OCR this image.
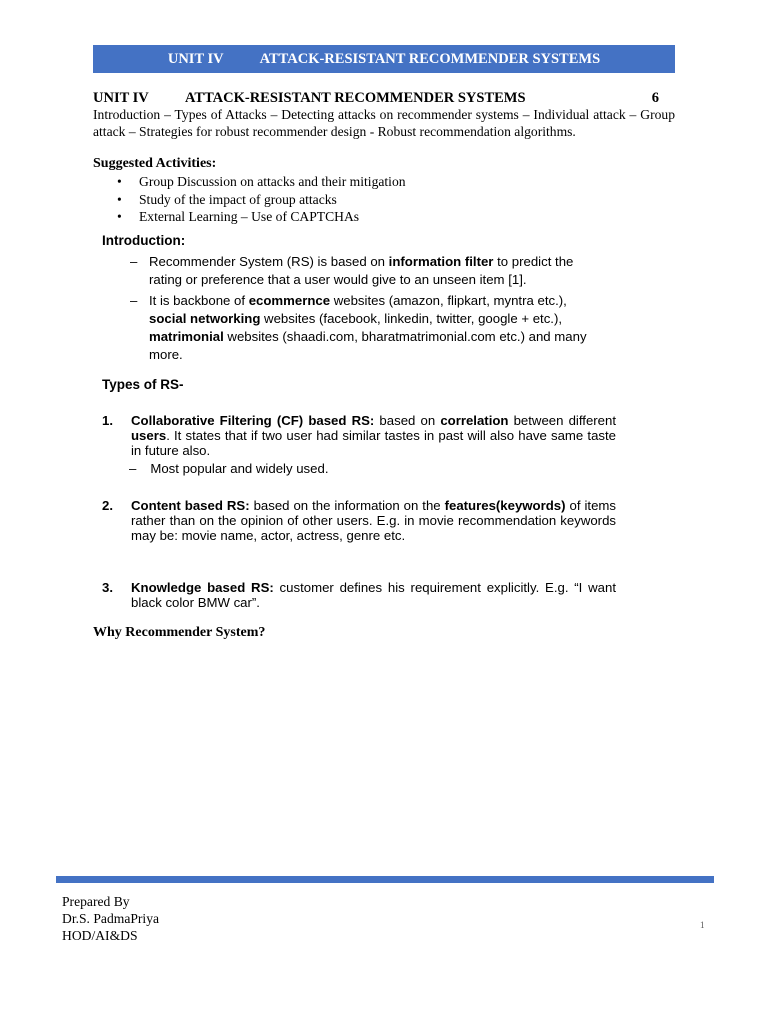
UNIT IV ATTACK-RESISTANT RECOMMENDER SYSTEMS
UNIT IV	ATTACK-RESISTANT RECOMMENDER SYSTEMS	6
Introduction – Types of Attacks – Detecting attacks on recommender systems – Individual attack – Group attack – Strategies for robust recommender design - Robust recommendation algorithms.
Suggested Activities:
• Group Discussion on attacks and their mitigation
• Study of the impact of group attacks
• External Learning – Use of CAPTCHAs
Introduction:
– Recommender System (RS) is based on information filter to predict the rating or preference that a user would give to an unseen item [1].
– It is backbone of ecommernce websites (amazon, flipkart, myntra etc.), social networking websites (facebook, linkedin, twitter, google + etc.), matrimonial websites (shaadi.com, bharatmatrimonial.com etc.) and many more.
Types of RS-
1.	Collaborative Filtering (CF) based RS: based on correlation between different users. It states that if two user had similar tastes in past will also have same taste in future also.
– Most popular and widely used.
2.	Content based RS: based on the information on the features(keywords) of items rather than on the opinion of other users. E.g. in movie recommendation keywords may be: movie name, actor, actress, genre etc.
3.	Knowledge based RS: customer defines his requirement explicitly. E.g. “I want black color BMW car”.
Why Recommender System?
Prepared By
Dr.S. PadmaPriya
HOD/AI&DS
1
